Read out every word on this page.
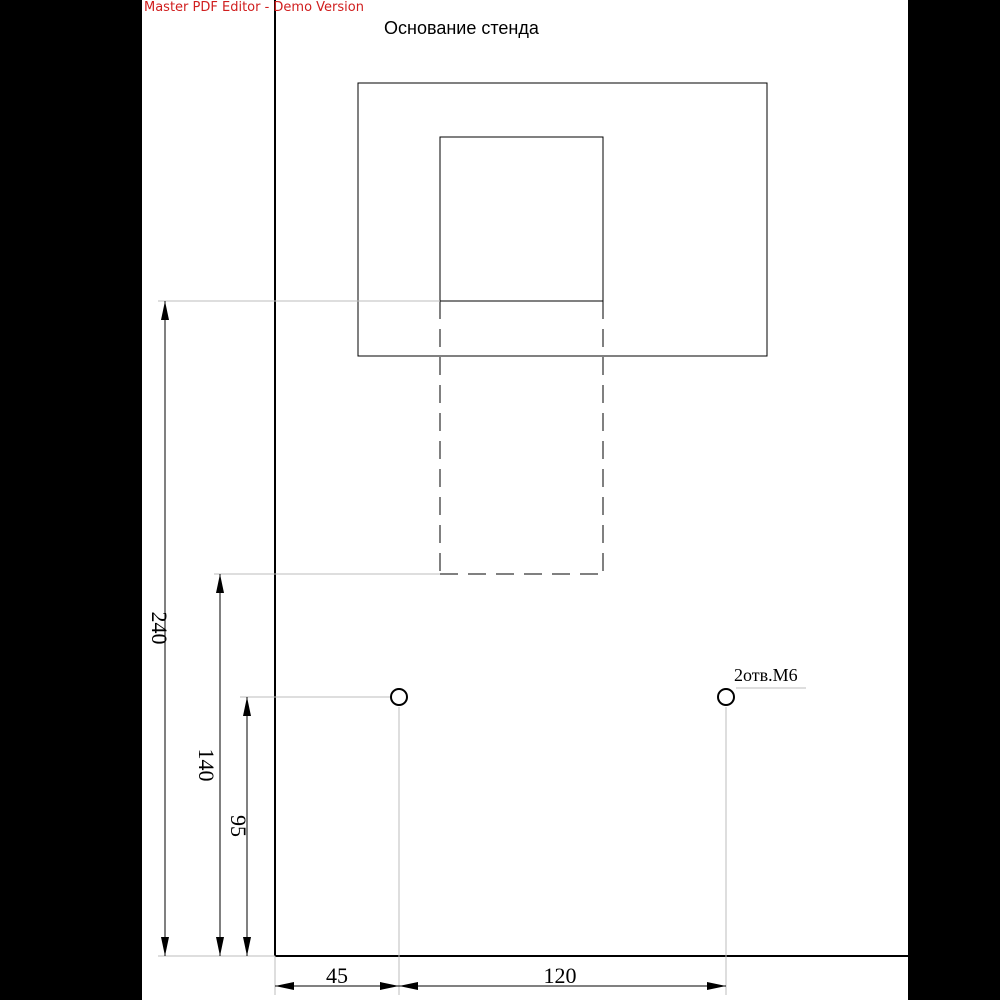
240
140
95
45	120
2отв.М6
Master PDF Editor - Demo Version
Основание стенда
